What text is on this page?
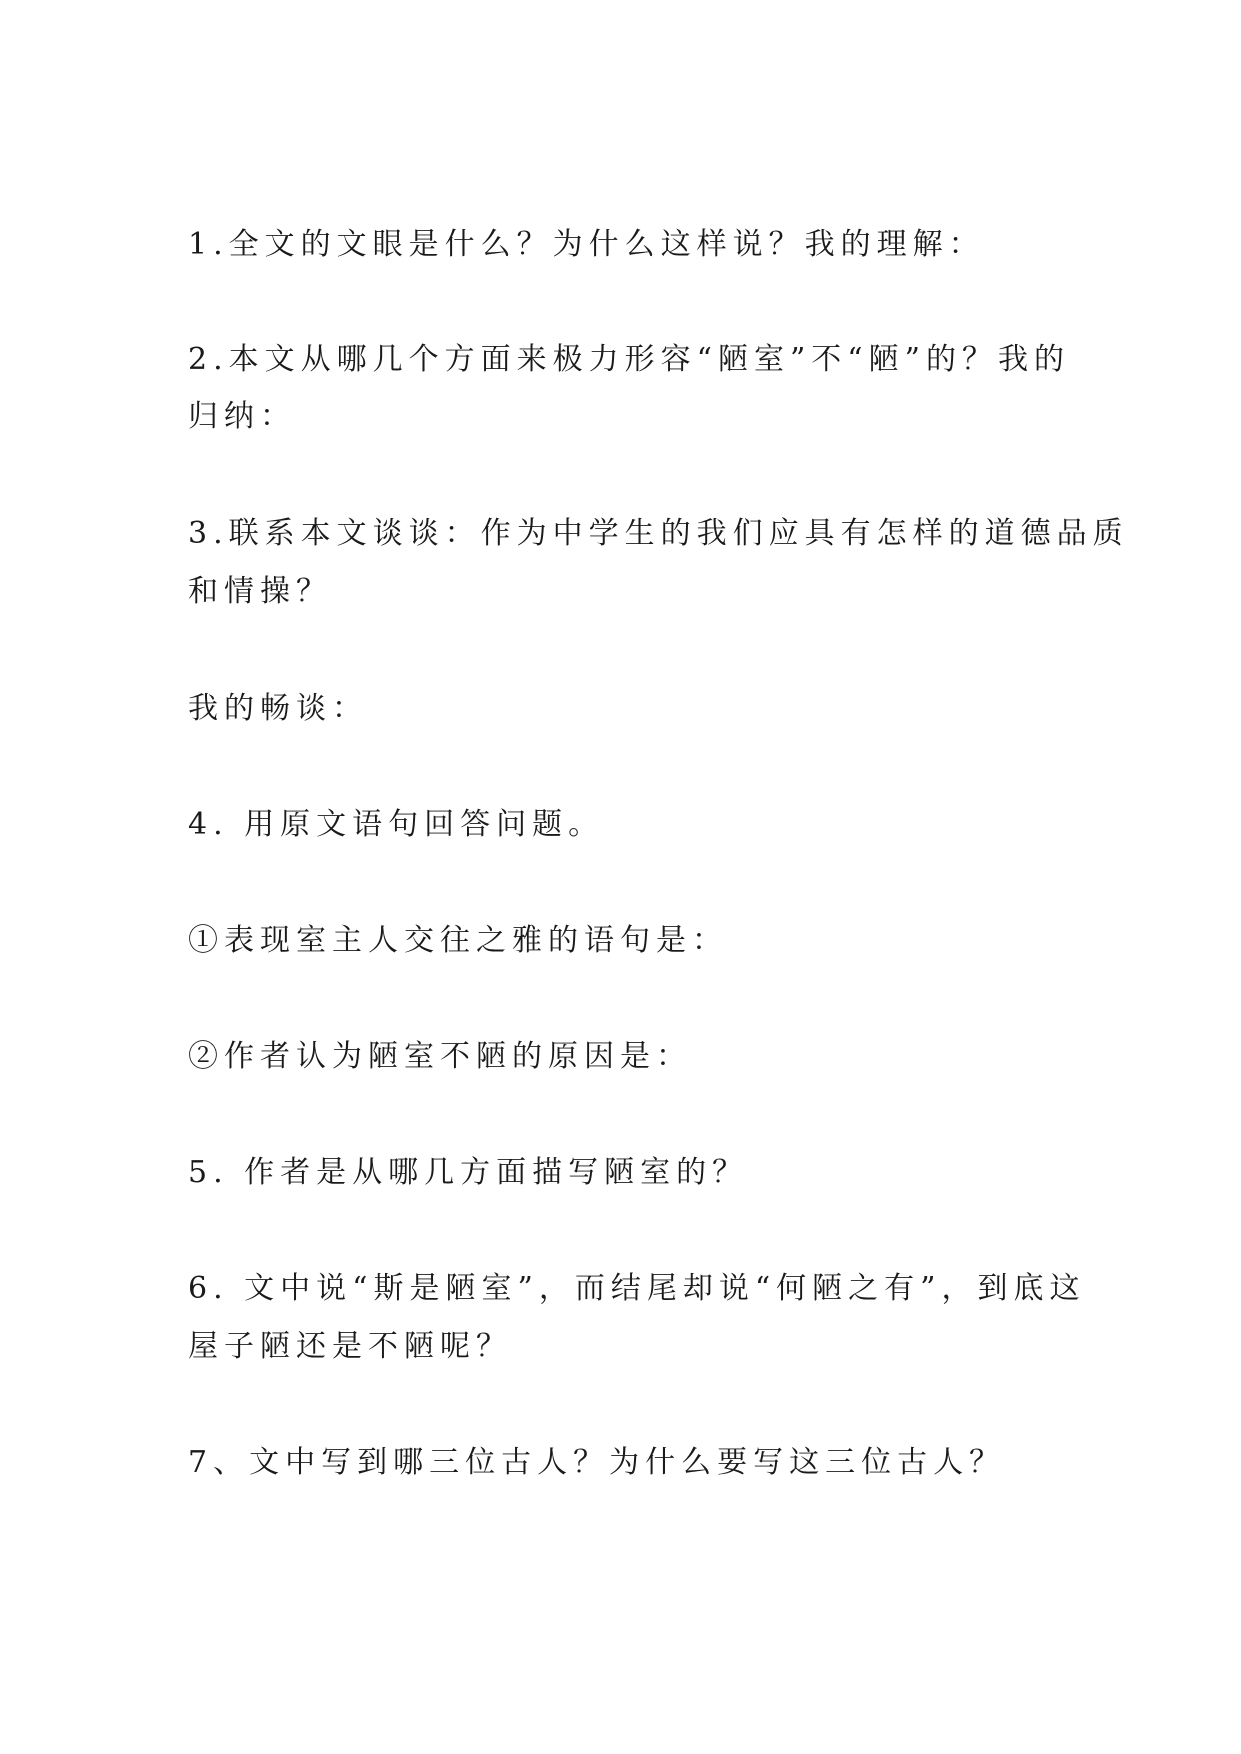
1.全文的文眼是什么？为什么这样说？我的理解：
2.本文从哪几个方面来极力形容“陋室”不“陋”的？我的
归纳：
3.联系本文谈谈：作为中学生的我们应具有怎样的道德品质
和情操？
我的畅谈：
4. 用原文语句回答问题。
①表现室主人交往之雅的语句是：
②作者认为陋室不陋的原因是：
5. 作者是从哪几方面描写陋室的？
6. 文中说“斯是陋室”，而结尾却说“何陋之有”，到底这
屋子陋还是不陋呢？
7、文中写到哪三位古人？为什么要写这三位古人？
